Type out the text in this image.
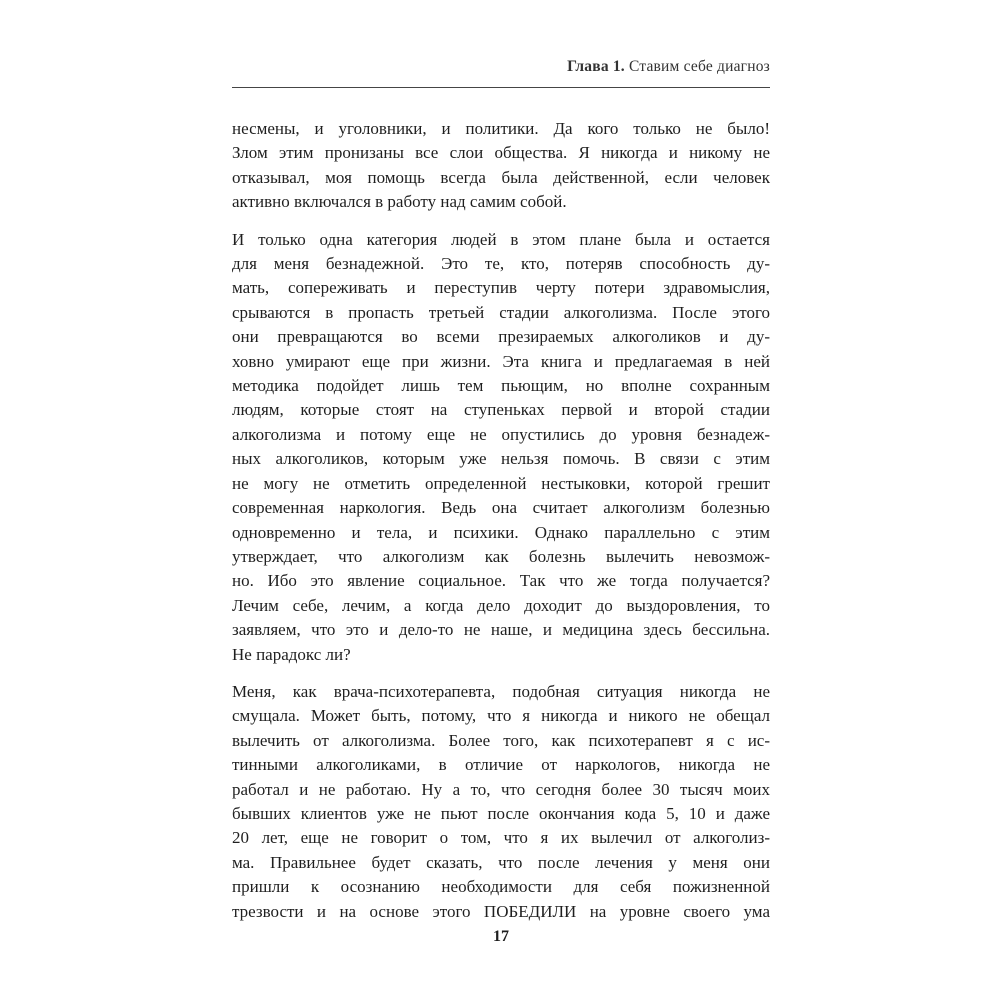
Глава 1. Ставим себе диагноз
несмены, и уголовники, и политики. Да кого только не было!
Злом этим пронизаны все слои общества. Я никогда и никому не
отказывал, моя помощь всегда была действенной, если человек
активно включался в работу над самим собой.
И только одна категория людей в этом плане была и остается
для меня безнадежной. Это те, кто, потеряв способность ду-
мать, сопереживать и переступив черту потери здравомыслия,
срываются в пропасть третьей стадии алкоголизма. После этого
они превращаются во всеми презираемых алкоголиков и ду-
ховно умирают еще при жизни. Эта книга и предлагаемая в ней
методика подойдет лишь тем пьющим, но вполне сохранным
людям, которые стоят на ступеньках первой и второй стадии
алкоголизма и потому еще не опустились до уровня безнадеж-
ных алкоголиков, которым уже нельзя помочь. В связи с этим
не могу не отметить определенной нестыковки, которой грешит
современная наркология. Ведь она считает алкоголизм болезнью
одновременно и тела, и психики. Однако параллельно с этим
утверждает, что алкоголизм как болезнь вылечить невозмож-
но. Ибо это явление социальное. Так что же тогда получается?
Лечим себе, лечим, а когда дело доходит до выздоровления, то
заявляем, что это и дело-то не наше, и медицина здесь бессильна.
Не парадокс ли?
Меня, как врача-психотерапевта, подобная ситуация никогда не
смущала. Может быть, потому, что я никогда и никого не обещал
вылечить от алкоголизма. Более того, как психотерапевт я с ис-
тинными алкоголиками, в отличие от наркологов, никогда не
работал и не работаю. Ну а то, что сегодня более 30 тысяч моих
бывших клиентов уже не пьют после окончания кода 5, 10 и даже
20 лет, еще не говорит о том, что я их вылечил от алкоголиз-
ма. Правильнее будет сказать, что после лечения у меня они
пришли к осознанию необходимости для себя пожизненной
трезвости и на основе этого ПОБЕДИЛИ на уровне своего ума
17
